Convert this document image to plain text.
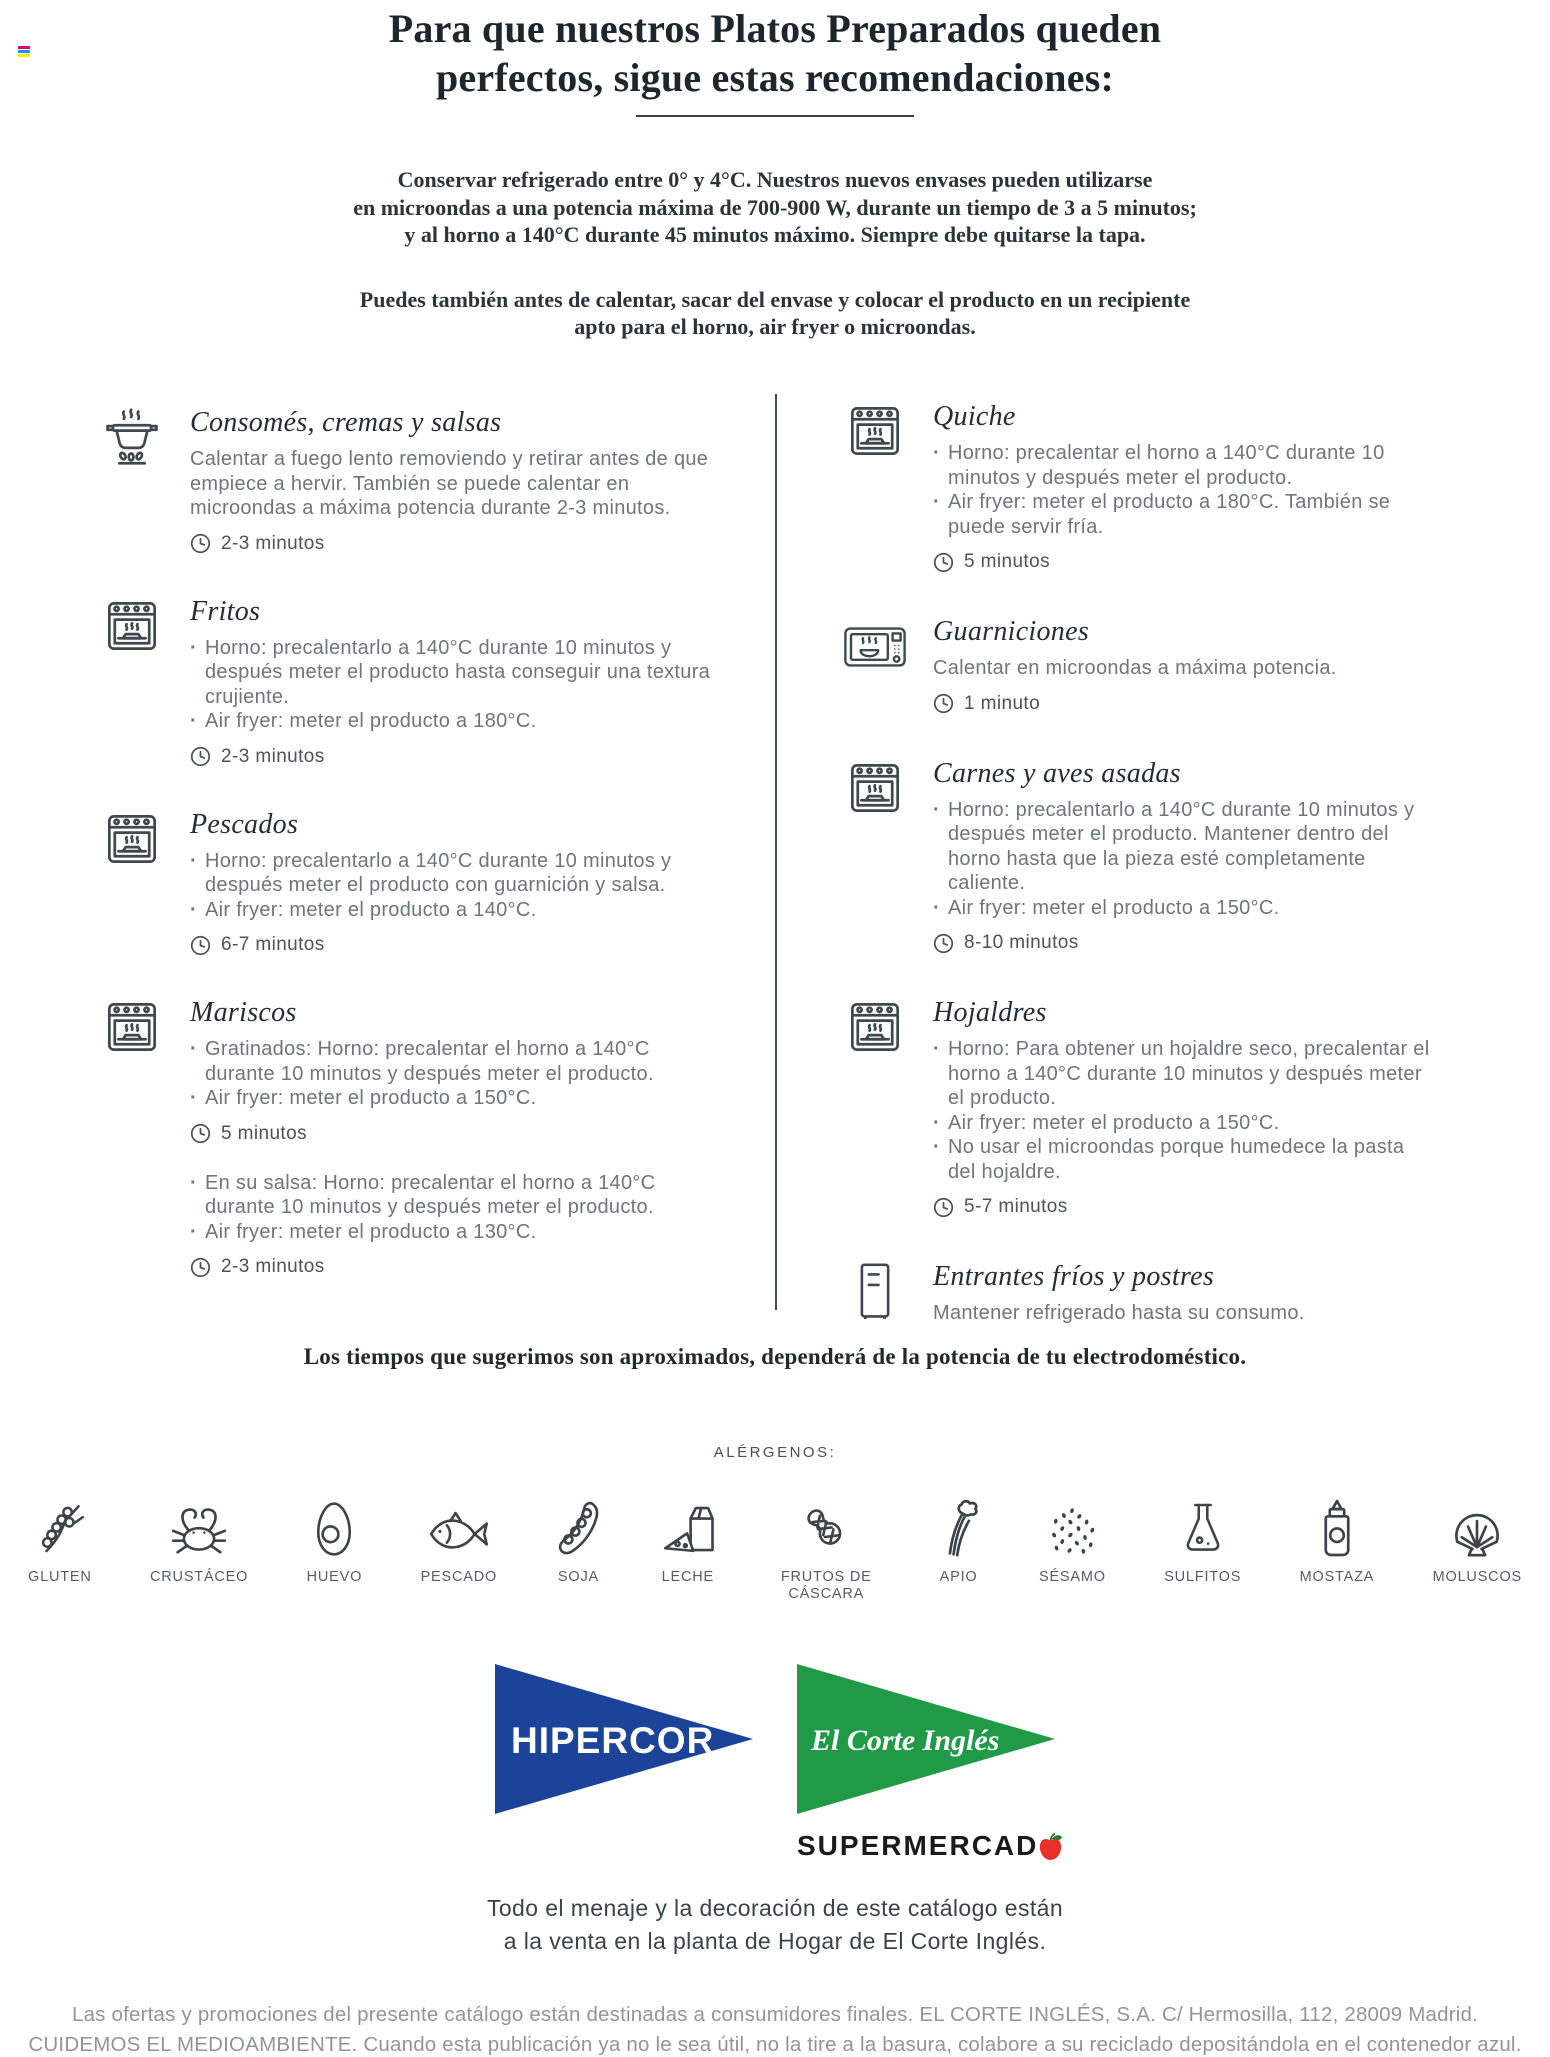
Para que nuestros Platos Preparados queden
perfectos, sigue estas recomendaciones:

Conservar refrigerado entre 0° y 4°C. Nuestros nuevos envases pueden utilizarse
en microondas a una potencia máxima de 700-900 W, durante un tiempo de 3 a 5 minutos;
y al horno a 140°C durante 45 minutos máximo. Siempre debe quitarse la tapa.

Puedes también antes de calentar, sacar del envase y colocar el producto en un recipiente
apto para el horno, air fryer o microondas.

Consomés, cremas y salsas

Calentar a fuego lento removiendo y retirar antes de que empiece a hervir. También se puede calentar en microondas a máxima potencia durante 2-3 minutos.

2-3 minutos
Fritos

· Horno: precalentarlo a 140°C durante 10 minutos y después meter el producto hasta conseguir una textura crujiente.

· Air fryer: meter el producto a 180°C.

2-3 minutos
Pescados

· Horno: precalentarlo a 140°C durante 10 minutos y después meter el producto con guarnición y salsa.

· Air fryer: meter el producto a 140°C.

6-7 minutos
Mariscos

· Gratinados: Horno: precalentar el horno a 140°C durante 10 minutos y después meter el producto.

· Air fryer: meter el producto a 150°C.

5 minutos

· En su salsa: Horno: precalentar el horno a 140°C durante 10 minutos y después meter el producto.

· Air fryer: meter el producto a 130°C.

2-3 minutos
Quiche

· Horno: precalentar el horno a 140°C durante 10 minutos y después meter el producto.

· Air fryer: meter el producto a 180°C. También se puede servir fría.

5 minutos
Guarniciones

Calentar en microondas a máxima potencia.

1 minuto
Carnes y aves asadas

· Horno: precalentarlo a 140°C durante 10 minutos y después meter el producto. Mantener dentro del horno hasta que la pieza esté completamente caliente.

· Air fryer: meter el producto a 150°C.

8-10 minutos
Hojaldres

· Horno: Para obtener un hojaldre seco, precalentar el horno a 140°C durante 10 minutos y después meter el producto.

· Air fryer: meter el producto a 150°C.

· No usar el microondas porque humedece la pasta del hojaldre.

5-7 minutos
Entrantes fríos y postres

Mantener refrigerado hasta su consumo.

Los tiempos que sugerimos son aproximados, dependerá de la potencia de tu electrodoméstico.

ALÉRGENOS:
GLUTEN	CRUSTÁCEO	HUEVO	PESCADO	SOJA	LECHE	FRUTOS DE CÁSCARA
APIO	SÉSAMO	SULFITOS	MOSTAZA	MOLUSCOS
HIPERCOR	El Corte Inglés
SUPERMERCAD
Todo el menaje y la decoración de este catálogo están
a la venta en la planta de Hogar de El Corte Inglés.
Las ofertas y promociones del presente catálogo están destinadas a consumidores finales. EL CORTE INGLÉS, S.A. C/ Hermosilla, 112, 28009 Madrid.
CUIDEMOS EL MEDIOAMBIENTE. Cuando esta publicación ya no le sea útil, no la tire a la basura, colabore a su reciclado depositándola en el contenedor azul.
